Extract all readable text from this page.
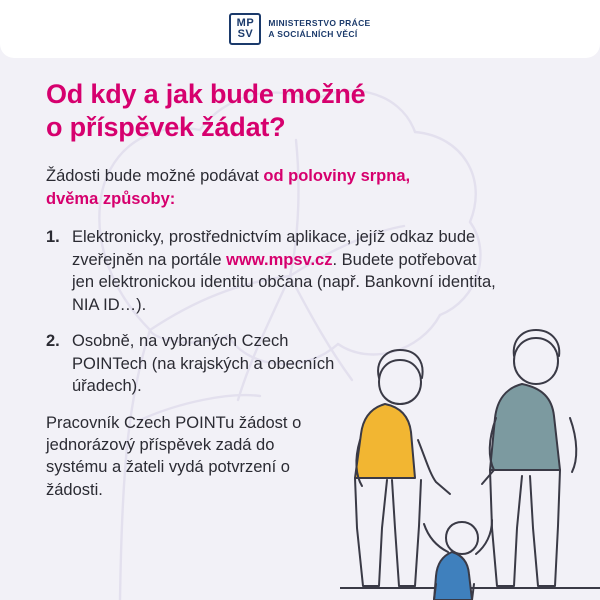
MP
SV
MINISTERSTVO PRÁCE
A SOCIÁLNÍCH VĚCÍ
Od kdy a jak bude možné
o příspěvek žádat?

Žádosti bude možné podávat od poloviny srpna,
dvěma způsoby:

1. Elektronicky, prostřednictvím aplikace, jejíž odkaz bude zveřejněn na portále www.mpsv.cz. Budete potřebovat jen elektronickou identitu občana (např. Bankovní identita, NIA ID…).
2. Osobně, na vybraných Czech POINTech (na krajských a obecních úřadech).

Pracovník Czech POINTu žádost o jednorázový příspěvek zadá do systému a žateli vydá potvrzení o žádosti.
